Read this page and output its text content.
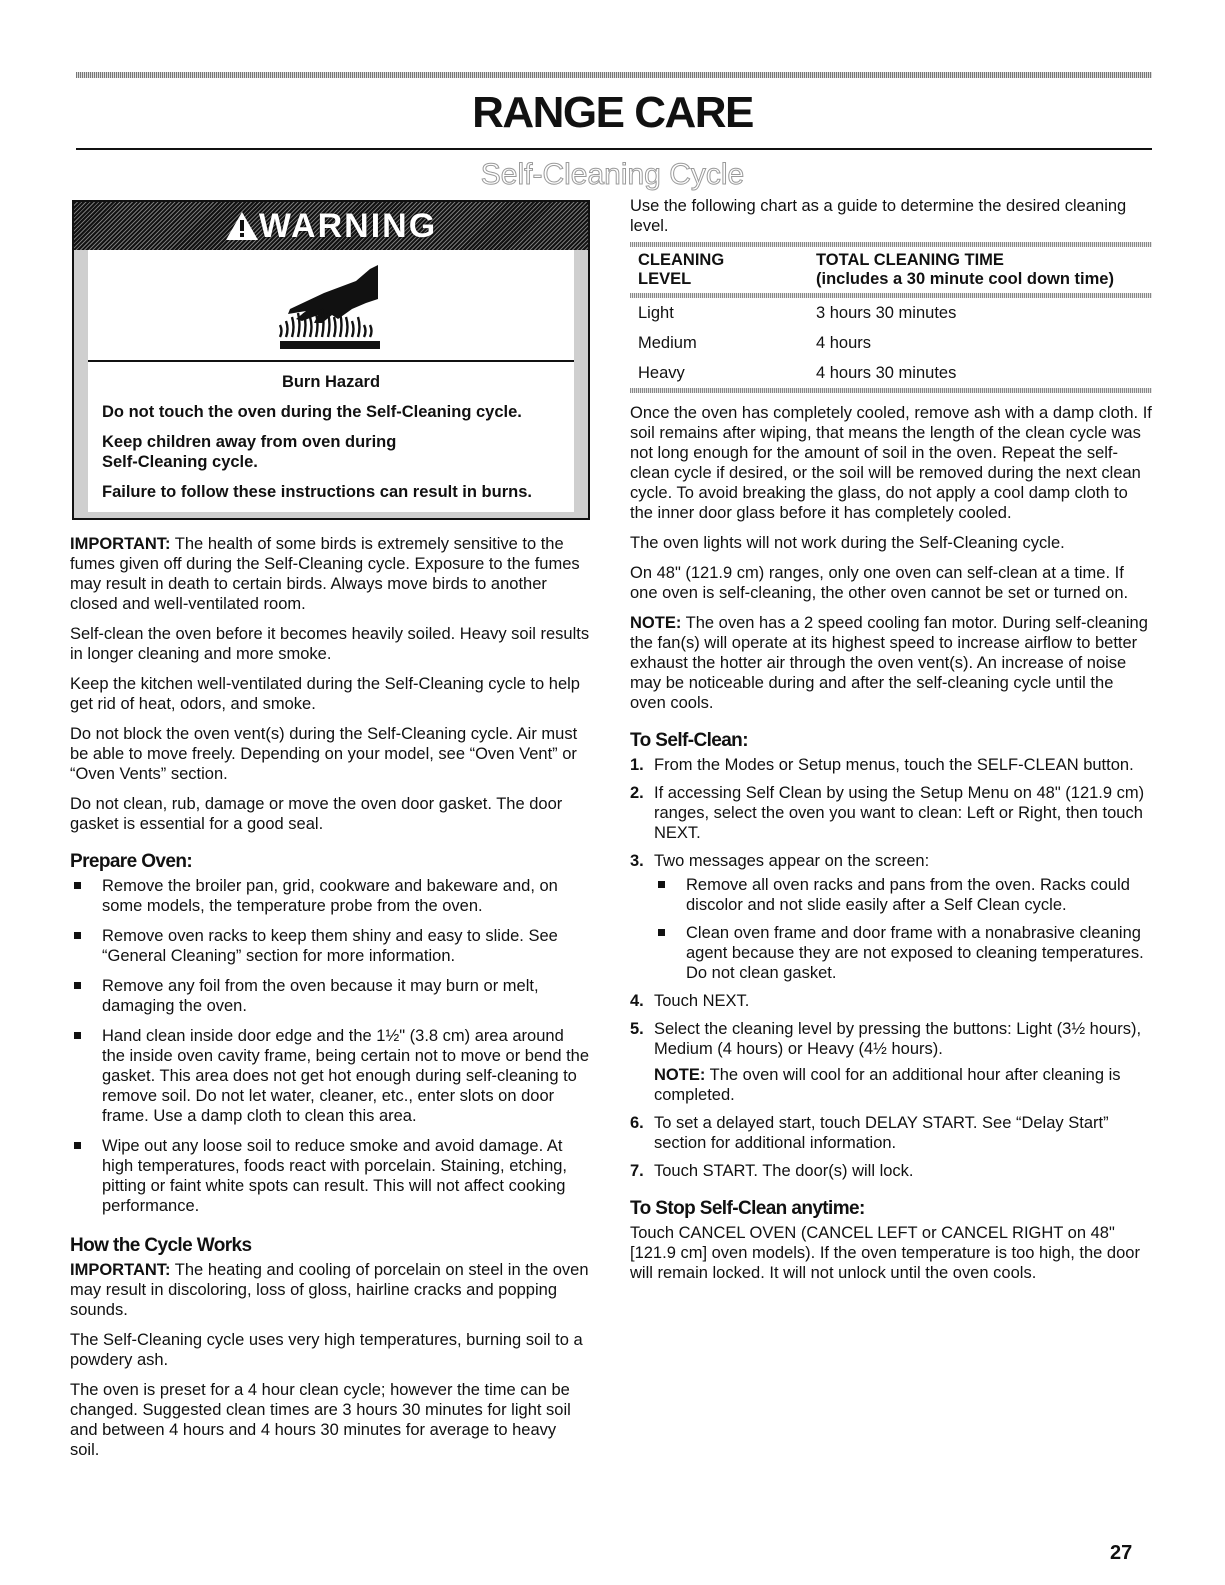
RANGE CARE
Self-Cleaning Cycle
WARNING

Burn Hazard

Do not touch the oven during the Self-Cleaning cycle.

Keep children away from oven during

Self-Cleaning cycle.

Failure to follow these instructions can result in burns.

IMPORTANT: The health of some birds is extremely sensitive to the fumes given off during the Self-Cleaning cycle. Exposure to the fumes may result in death to certain birds. Always move birds to another closed and well-ventilated room.

Self-clean the oven before it becomes heavily soiled. Heavy soil results in longer cleaning and more smoke.

Keep the kitchen well-ventilated during the Self-Cleaning cycle to help get rid of heat, odors, and smoke.

Do not block the oven vent(s) during the Self-Cleaning cycle. Air must be able to move freely. Depending on your model, see “Oven Vent” or “Oven Vents” section.

Do not clean, rub, damage or move the oven door gasket. The door gasket is essential for a good seal.

Prepare Oven:
Remove the broiler pan, grid, cookware and bakeware and, on some models, the temperature probe from the oven.
Remove oven racks to keep them shiny and easy to slide. See “General Cleaning” section for more information.
Remove any foil from the oven because it may burn or melt, damaging the oven.
Hand clean inside door edge and the 1½" (3.8 cm) area around the inside oven cavity frame, being certain not to move or bend the gasket. This area does not get hot enough during self-cleaning to remove soil. Do not let water, cleaner, etc., enter slots on door frame. Use a damp cloth to clean this area.
Wipe out any loose soil to reduce smoke and avoid damage. At high temperatures, foods react with porcelain. Staining, etching, pitting or faint white spots can result. This will not affect cooking performance.
How the Cycle Works

IMPORTANT: The heating and cooling of porcelain on steel in the oven may result in discoloring, loss of gloss, hairline cracks and popping sounds.

The Self-Cleaning cycle uses very high temperatures, burning soil to a powdery ash.

The oven is preset for a 4 hour clean cycle; however the time can be changed. Suggested clean times are 3 hours 30 minutes for light soil and between 4 hours and 4 hours 30 minutes for average to heavy soil.

Use the following chart as a guide to determine the desired cleaning level.

CLEANING
LEVEL	TOTAL CLEANING TIME
(includes a 30 minute cool down time)
Light	3 hours 30 minutes
Medium	4 hours
Heavy	4 hours 30 minutes

Once the oven has completely cooled, remove ash with a damp cloth. If soil remains after wiping, that means the length of the clean cycle was not long enough for the amount of soil in the oven. Repeat the self-clean cycle if desired, or the soil will be removed during the next clean cycle. To avoid breaking the glass, do not apply a cool damp cloth to the inner door glass before it has completely cooled.

The oven lights will not work during the Self-Cleaning cycle.

On 48" (121.9 cm) ranges, only one oven can self-clean at a time. If one oven is self-cleaning, the other oven cannot be set or turned on.

NOTE: The oven has a 2 speed cooling fan motor. During self-cleaning the fan(s) will operate at its highest speed to increase airflow to better exhaust the hotter air through the oven vent(s). An increase of noise may be noticeable during and after the self-cleaning cycle until the oven cools.

To Self-Clean:
1. From the Modes or Setup menus, touch the SELF-CLEAN button.
2. If accessing Self Clean by using the Setup Menu on 48" (121.9 cm) ranges, select the oven you want to clean: Left or Right, then touch NEXT.
3. Two messages appear on the screen:
Remove all oven racks and pans from the oven. Racks could discolor and not slide easily after a Self Clean cycle.
Clean oven frame and door frame with a nonabrasive cleaning agent because they are not exposed to cleaning temperatures. Do not clean gasket.
4. Touch NEXT.
5. Select the cleaning level by pressing the buttons: Light (3½ hours), Medium (4 hours) or Heavy (4½ hours).

NOTE: The oven will cool for an additional hour after cleaning is completed.

6. To set a delayed start, touch DELAY START. See “Delay Start” section for additional information.
7. Touch START. The door(s) will lock.
To Stop Self-Clean anytime:

Touch CANCEL OVEN (CANCEL LEFT or CANCEL RIGHT on 48" [121.9 cm] oven models). If the oven temperature is too high, the door will remain locked. It will not unlock until the oven cools.

27
